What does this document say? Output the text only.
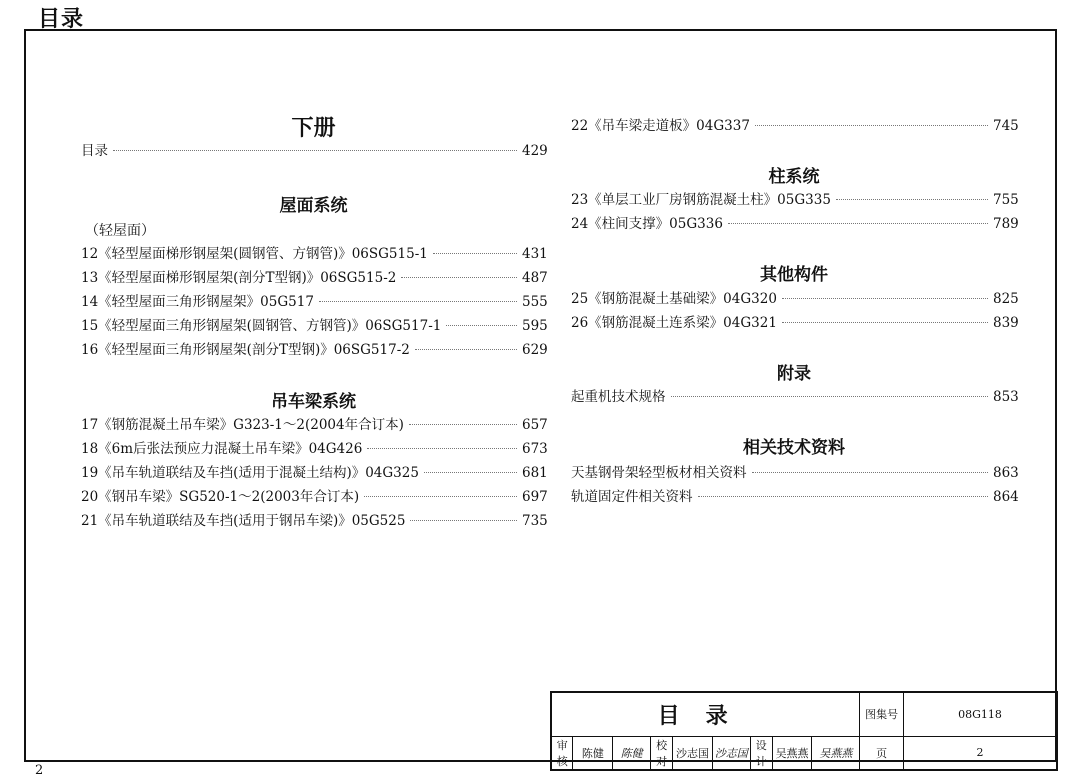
目录
下册
目录	429
屋面系统
（轻屋面）
12《轻型屋面梯形钢屋架(圆钢管、方钢管)》06SG515-1	431
13《轻型屋面梯形钢屋架(剖分T型钢)》06SG515-2	487
14《轻型屋面三角形钢屋架》05G517	555
15《轻型屋面三角形钢屋架(圆钢管、方钢管)》06SG517-1	595
16《轻型屋面三角形钢屋架(剖分T型钢)》06SG517-2	629
吊车梁系统
17《钢筋混凝土吊车梁》G323-1～2(2004年合订本)	657
18《6m后张法预应力混凝土吊车梁》04G426	673
19《吊车轨道联结及车挡(适用于混凝土结构)》04G325	681
20《钢吊车梁》SG520-1～2(2003年合订本)	697
21《吊车轨道联结及车挡(适用于钢吊车梁)》05G525	735
22《吊车梁走道板》04G337	745
柱系统
23《单层工业厂房钢筋混凝土柱》05G335	755
24《柱间支撑》05G336	789
其他构件
25《钢筋混凝土基础梁》04G320	825
26《钢筋混凝土连系梁》04G321	839
附录
起重机技术规格	853
相关技术资料
天基钢骨架轻型板材相关资料	863
轨道固定件相关资料	864
目录									图集号	08G118
审核	陈健	陈健	校对	沙志国	沙志国	设计	吴燕燕	吴燕燕	页	2
2
